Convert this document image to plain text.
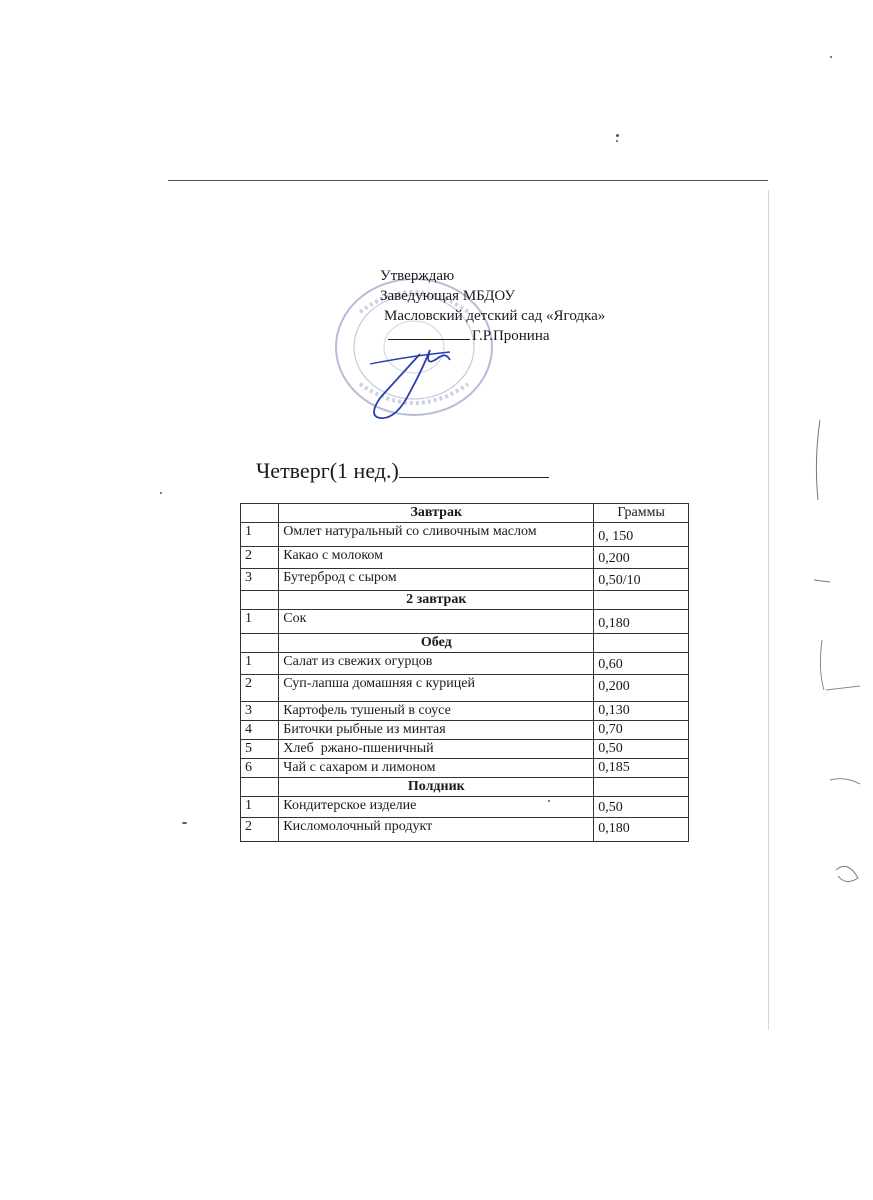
Утверждаю
Заведующая МБДОУ
Масловский детский сад «Ягодка»
Г.Р.Пронина
Четверг(1 нед.)
	Завтрак	Граммы
1	Омлет натуральный со сливочным маслом	0, 150
2	Какао с молоком	0,200
3	Бутерброд с сыром	0,50/10
	2 завтрак	
1	Сок	0,180
	Обед	
1	Салат из свежих огурцов	0,60
2	Суп-лапша домашняя с курицей	0,200
3	Картофель тушеный в соусе	0,130
4	Биточки рыбные из минтая	0,70
5	Хлеб  ржано-пшеничный	0,50
6	Чай с сахаром и лимоном	0,185
	Полдник	
1	Кондитерское изделие	0,50
2	Кисломолочный продукт	0,180
